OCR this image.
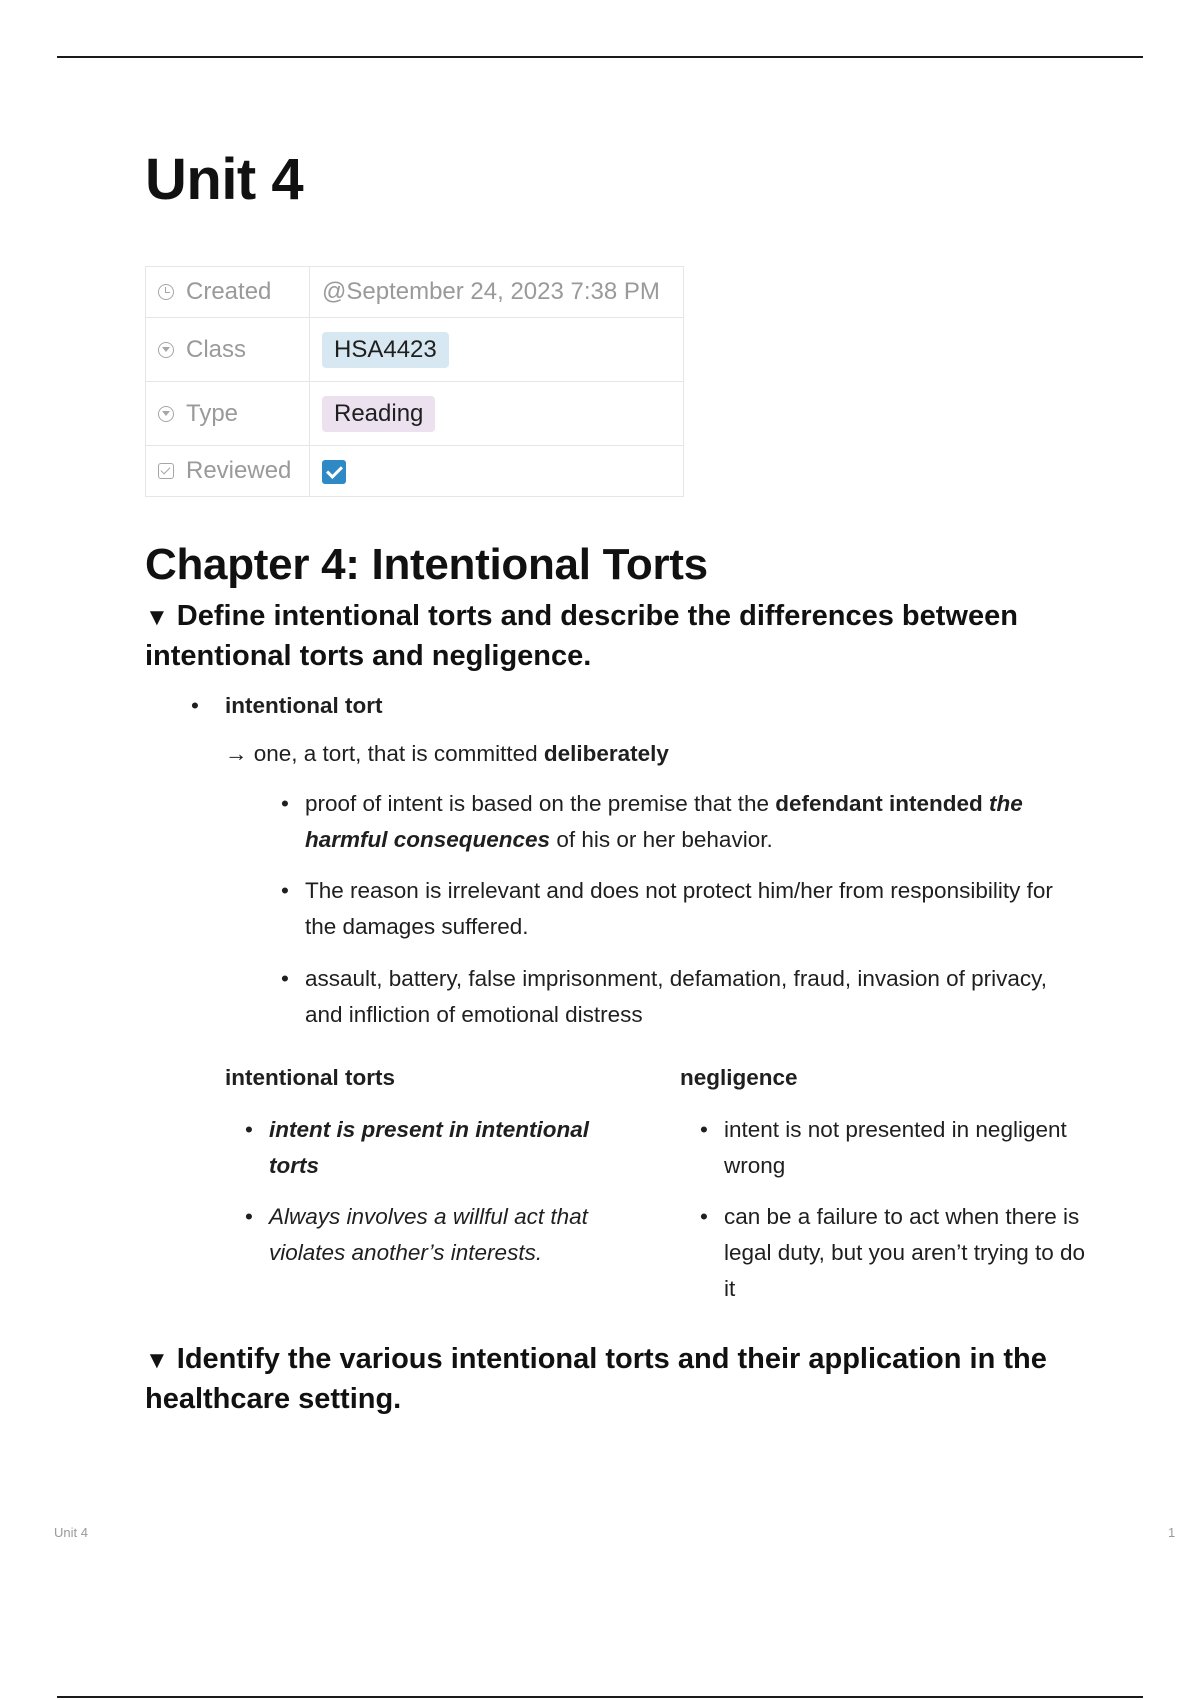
Unit 4
Created	@September 24, 2023 7:38 PM
Class	HSA4423
Type	Reading
Reviewed	
Chapter 4: Intentional Torts
▼ Define intentional torts and describe the differences between intentional torts and negligence.
• intentional tort
→ one, a tort, that is committed deliberately
• proof of intent is based on the premise that the defendant intended the harmful consequences of his or her behavior.
• The reason is irrelevant and does not protect him/her from responsibility for the damages suffered.
• assault, battery, false imprisonment, defamation, fraud, invasion of privacy, and infliction of emotional distress
intentional torts	negligence
• intent is present in intentional torts
• Always involves a willful act that violates another’s interests.
• intent is not presented in negligent wrong
• can be a failure to act when there is legal duty, but you aren’t trying to do it
▼ Identify the various intentional torts and their application in the healthcare setting.
Unit 4	1
